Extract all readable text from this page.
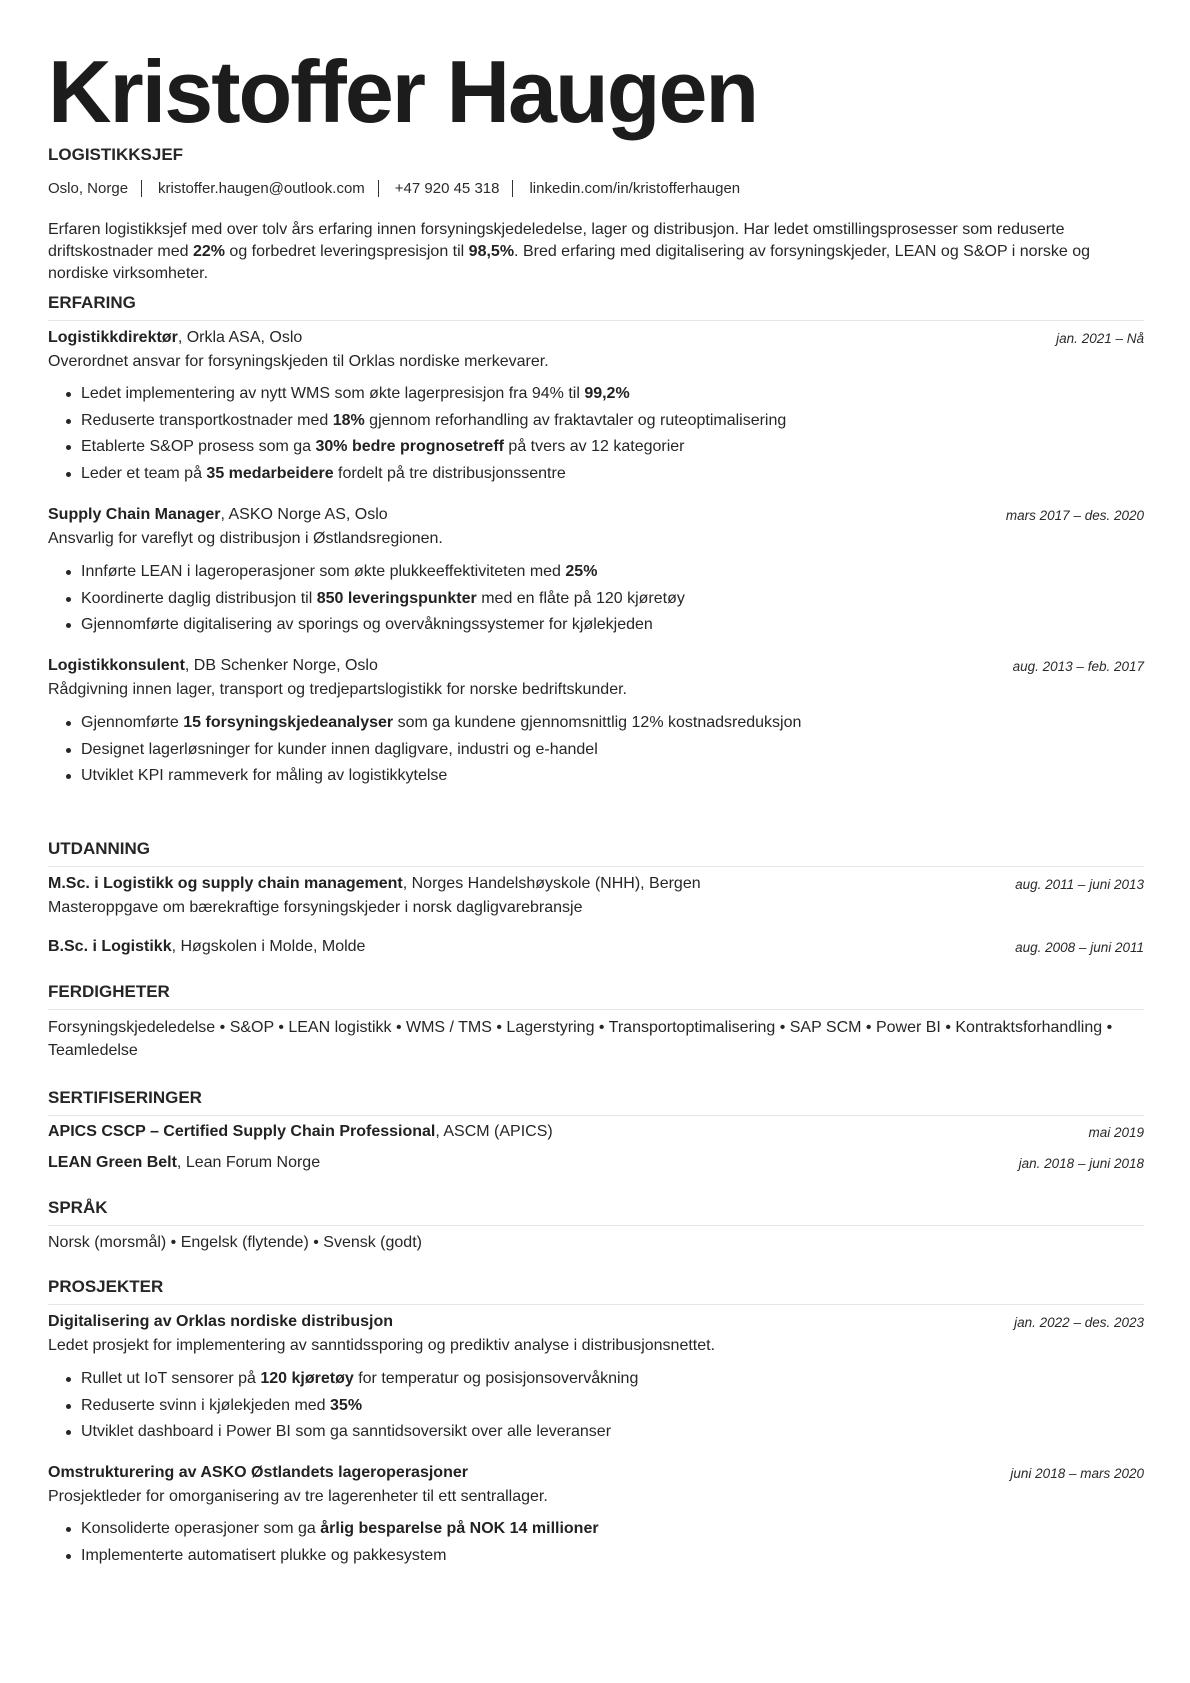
Kristoffer Haugen
LOGISTIKKSJEF
Oslo, Norge kristoffer.haugen@outlook.com +47 920 45 318 linkedin.com/in/kristofferhaugen
Erfaren logistikksjef med over tolv års erfaring innen forsyningskjedeledelse, lager og distribusjon. Har ledet omstillingsprosesser som reduserte driftskostnader med 22% og forbedret leveringspresisjon til 98,5%. Bred erfaring med digitalisering av forsyningskjeder, LEAN og S&OP i norske og nordiske virksomheter.
ERFARING
Logistikkdirektør, Orkla ASA, Oslo	jan. 2021 – Nå
Overordnet ansvar for forsyningskjeden til Orklas nordiske merkevarer.
Ledet implementering av nytt WMS som økte lagerpresisjon fra 94% til 99,2%
Reduserte transportkostnader med 18% gjennom reforhandling av fraktavtaler og ruteoptimalisering
Etablerte S&OP prosess som ga 30% bedre prognosetreff på tvers av 12 kategorier
Leder et team på 35 medarbeidere fordelt på tre distribusjonssentre
Supply Chain Manager, ASKO Norge AS, Oslo	mars 2017 – des. 2020
Ansvarlig for vareflyt og distribusjon i Østlandsregionen.
Innførte LEAN i lageroperasjoner som økte plukkeeffektiviteten med 25%
Koordinerte daglig distribusjon til 850 leveringspunkter med en flåte på 120 kjøretøy
Gjennomførte digitalisering av sporings og overvåkningssystemer for kjølekjeden
Logistikkonsulent, DB Schenker Norge, Oslo	aug. 2013 – feb. 2017
Rådgivning innen lager, transport og tredjepartslogistikk for norske bedriftskunder.
Gjennomførte 15 forsyningskjedeanalyser som ga kundene gjennomsnittlig 12% kostnadsreduksjon
Designet lagerløsninger for kunder innen dagligvare, industri og e-handel
Utviklet KPI rammeverk for måling av logistikkytelse
UTDANNING
M.Sc. i Logistikk og supply chain management, Norges Handelshøyskole (NHH), Bergen	aug. 2011 – juni 2013
Masteroppgave om bærekraftige forsyningskjeder i norsk dagligvarebransje
B.Sc. i Logistikk, Høgskolen i Molde, Molde	aug. 2008 – juni 2011
FERDIGHETER
Forsyningskjedeledelse • S&OP • LEAN logistikk • WMS / TMS • Lagerstyring • Transportoptimalisering • SAP SCM • Power BI • Kontraktsforhandling • Teamledelse
SERTIFISERINGER
APICS CSCP – Certified Supply Chain Professional, ASCM (APICS)	mai 2019
LEAN Green Belt, Lean Forum Norge	jan. 2018 – juni 2018
SPRÅK
Norsk (morsmål) • Engelsk (flytende) • Svensk (godt)
PROSJEKTER
Digitalisering av Orklas nordiske distribusjon	jan. 2022 – des. 2023
Ledet prosjekt for implementering av sanntidssporing og prediktiv analyse i distribusjonsnettet.
Rullet ut IoT sensorer på 120 kjøretøy for temperatur og posisjonsovervåkning
Reduserte svinn i kjølekjeden med 35%
Utviklet dashboard i Power BI som ga sanntidsoversikt over alle leveranser
Omstrukturering av ASKO Østlandets lageroperasjoner	juni 2018 – mars 2020
Prosjektleder for omorganisering av tre lagerenheter til ett sentrallager.
Konsoliderte operasjoner som ga årlig besparelse på NOK 14 millioner
Implementerte automatisert plukke og pakkesystem
